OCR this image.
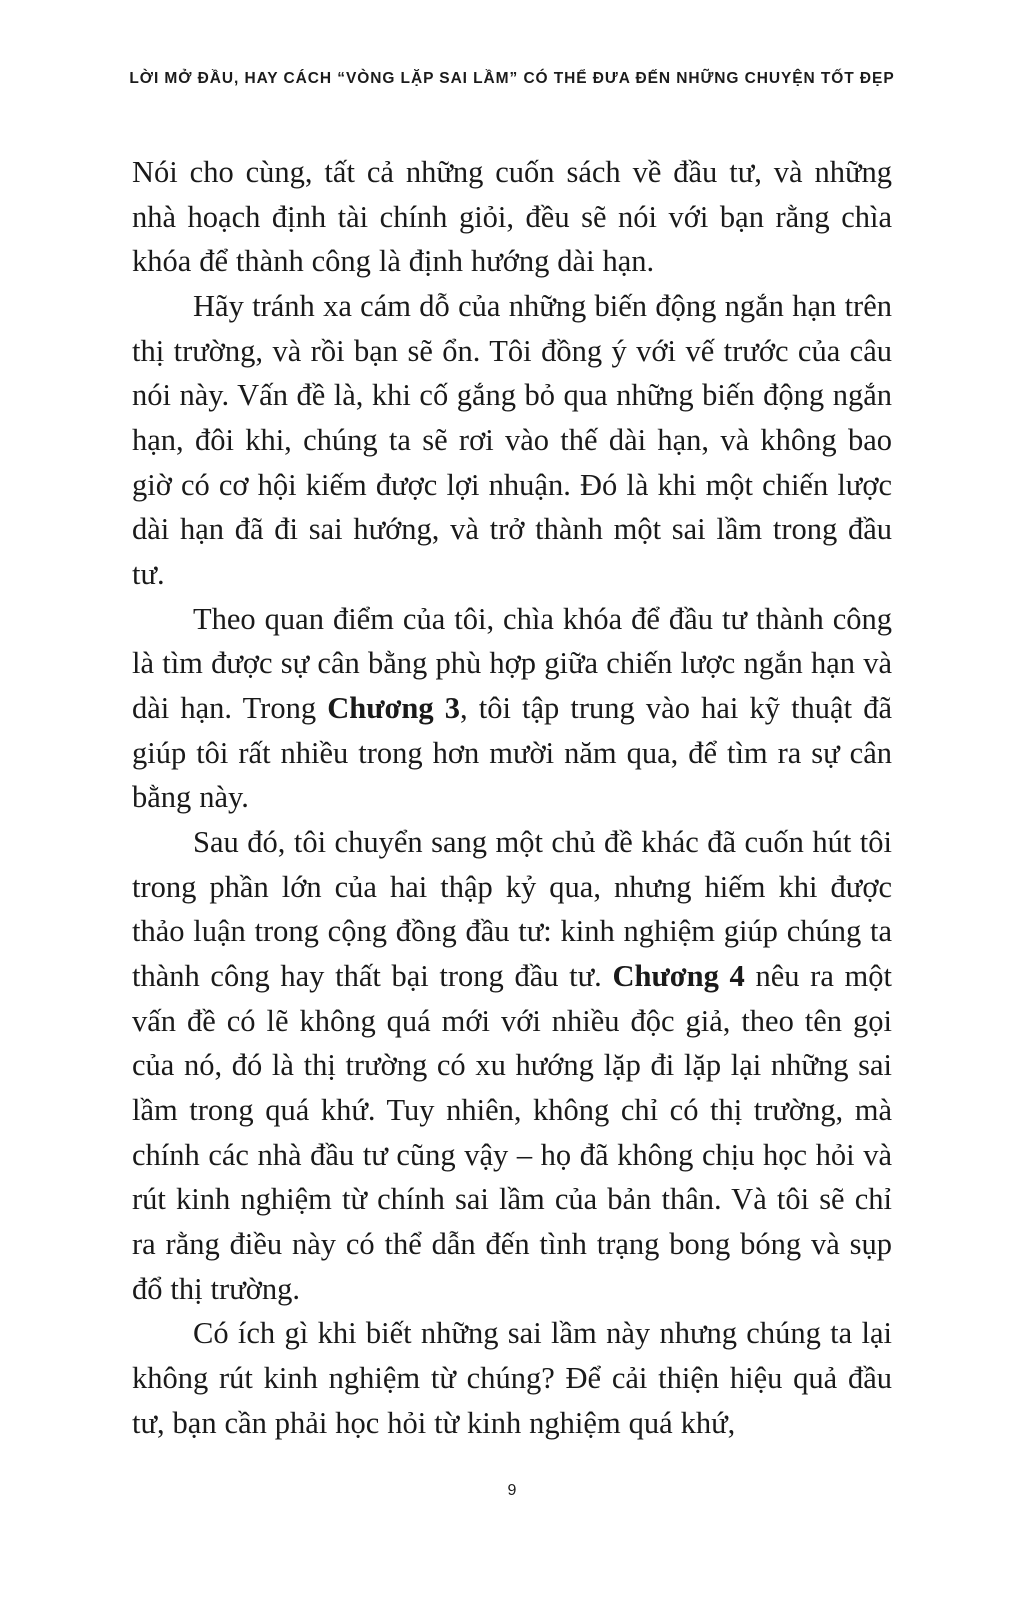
LỜI MỞ ĐẦU, HAY CÁCH “VÒNG LẶP SAI LẦM” CÓ THỂ ĐƯA ĐẾN NHỮNG CHUYỆN TỐT ĐẸP

Nói cho cùng, tất cả những cuốn sách về đầu tư, và những nhà hoạch định tài chính giỏi, đều sẽ nói với bạn rằng chìa khóa để thành công là định hướng dài hạn.

Hãy tránh xa cám dỗ của những biến động ngắn hạn trên thị trường, và rồi bạn sẽ ổn. Tôi đồng ý với vế trước của câu nói này. Vấn đề là, khi cố gắng bỏ qua những biến động ngắn hạn, đôi khi, chúng ta sẽ rơi vào thế dài hạn, và không bao giờ có cơ hội kiếm được lợi nhuận. Đó là khi một chiến lược dài hạn đã đi sai hướng, và trở thành một sai lầm trong đầu tư.

Theo quan điểm của tôi, chìa khóa để đầu tư thành công là tìm được sự cân bằng phù hợp giữa chiến lược ngắn hạn và dài hạn. Trong Chương 3, tôi tập trung vào hai kỹ thuật đã giúp tôi rất nhiều trong hơn mười năm qua, để tìm ra sự cân bằng này.

Sau đó, tôi chuyển sang một chủ đề khác đã cuốn hút tôi trong phần lớn của hai thập kỷ qua, nhưng hiếm khi được thảo luận trong cộng đồng đầu tư: kinh nghiệm giúp chúng ta thành công hay thất bại trong đầu tư. Chương 4 nêu ra một vấn đề có lẽ không quá mới với nhiều độc giả, theo tên gọi của nó, đó là thị trường có xu hướng lặp đi lặp lại những sai lầm trong quá khứ. Tuy nhiên, không chỉ có thị trường, mà chính các nhà đầu tư cũng vậy – họ đã không chịu học hỏi và rút kinh nghiệm từ chính sai lầm của bản thân. Và tôi sẽ chỉ ra rằng điều này có thể dẫn đến tình trạng bong bóng và sụp đổ thị trường.

Có ích gì khi biết những sai lầm này nhưng chúng ta lại không rút kinh nghiệm từ chúng? Để cải thiện hiệu quả đầu tư, bạn cần phải học hỏi từ kinh nghiệm quá khứ,

9
